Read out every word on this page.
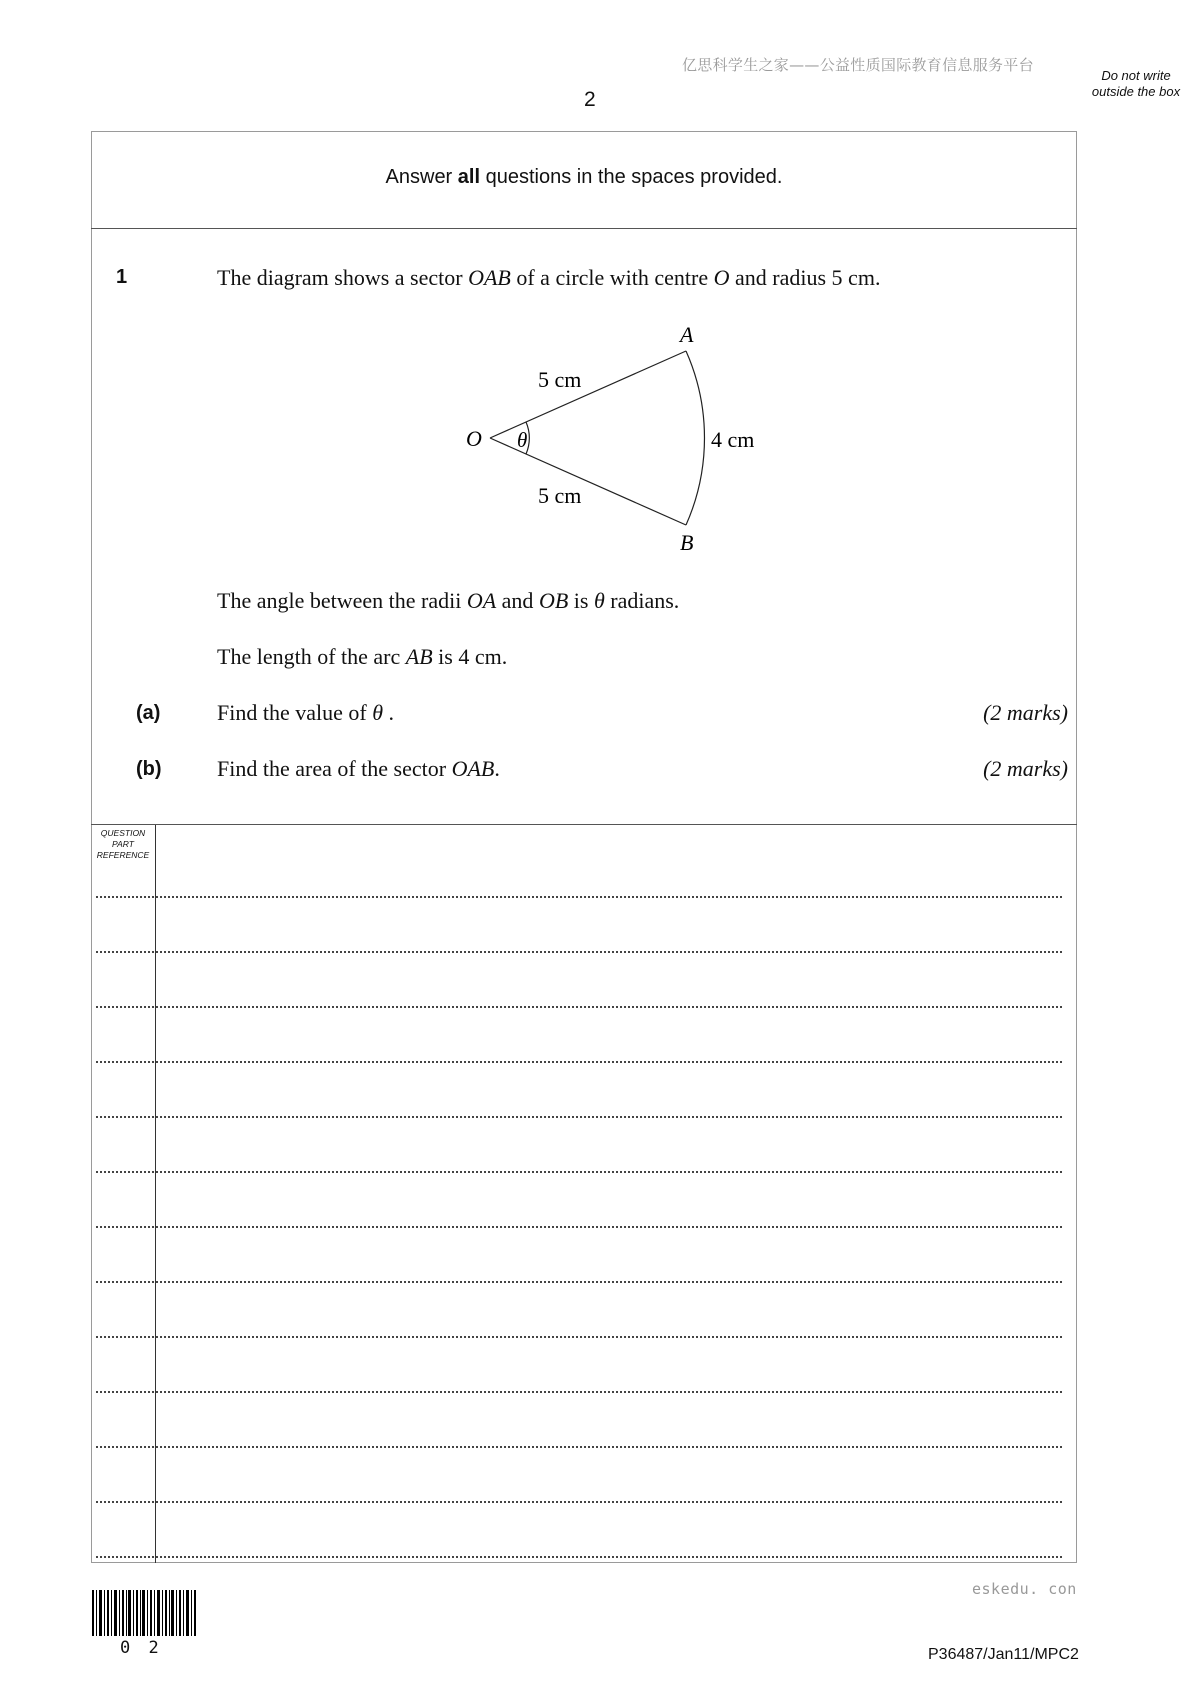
亿思科学生之家——公益性质国际教育信息服务平台
2
Do not write outside the box
Answer all questions in the spaces provided.
1	The diagram shows a sector OAB of a circle with centre O and radius 5 cm.
A
B
O θ
5 cm
5 cm
4 cm
The angle between the radii OA and OB is θ radians.
The length of the arc AB is 4 cm.
(a)	Find the value of θ .	(2 marks)
(b)	Find the area of the sector OAB.	(2 marks)
QUESTION
PART
REFERENCE
eskedu. con
0 2	P36487/Jan11/MPC2
